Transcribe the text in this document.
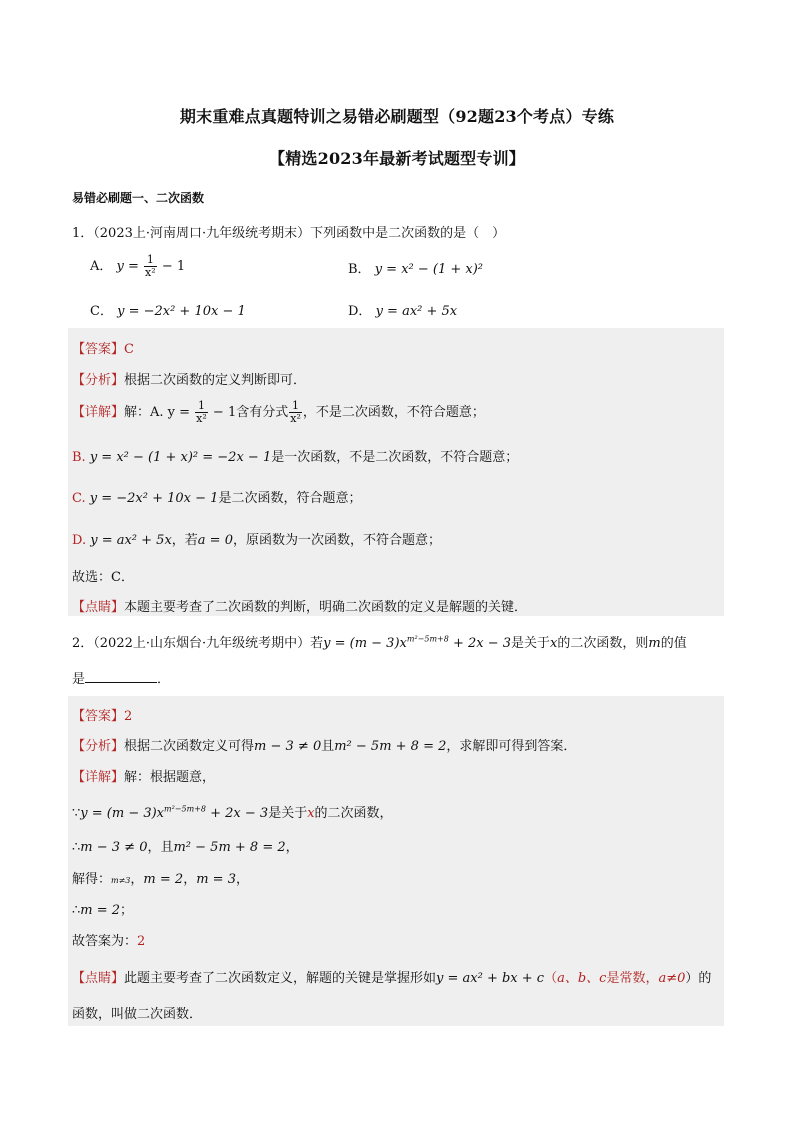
期末重难点真题特训之易错必刷题型（92题23个考点）专练
【精选2023年最新考试题型专训】
易错必刷题一、二次函数
1．（2023上·河南周口·九年级统考期末）下列函数中是二次函数的是（　）
A． $y = \frac{1}{\text{x²}} - 1$	B． y = x² − (1 + x)²
C． y = −2x² + 10x − 1	D． y = ax² + 5x
【答案】C
【分析】根据二次函数的定义判断即可．
【详解】解：A. $y = \frac{1}{\text{x²}} - 1$含有分式 $\frac{1}{\text{x²}}$ ，不是二次函数，不符合题意；
B. y = x² − (1 + x)² = −2x − 1是一次函数，不是二次函数，不符合题意；
C. y = −2x² + 10x − 1是二次函数，符合题意；
D. y = ax² + 5x，若a = 0，原函数为一次函数，不符合题意；
故选：C．
【点睛】本题主要考查了二次函数的判断，明确二次函数的定义是解题的关键．
2．（2022上·山东烟台·九年级统考期中）若$y = (m - 3)x^{m^2-5m+8} + 2x - 3$是关于x的二次函数，则m的值
是	．
【答案】2
【分析】根据二次函数定义可得m − 3 ≠ 0且m² − 5m + 8 = 2，求解即可得到答案．
【详解】解：根据题意，
∵y = $(m - 3)x^{m^2-5m+8} + 2x - 3$是关于x的二次函数，
∴m − 3 ≠ 0，且m² − 5m + 8 = 2，
解得：m≠3，m = 2，m = 3，
∴m = 2；
故答案为：2
【点睛】此题主要考查了二次函数定义，解题的关键是掌握形如y = ax² + bx + c（a、b、c是常数，a≠0）的
函数，叫做二次函数．
